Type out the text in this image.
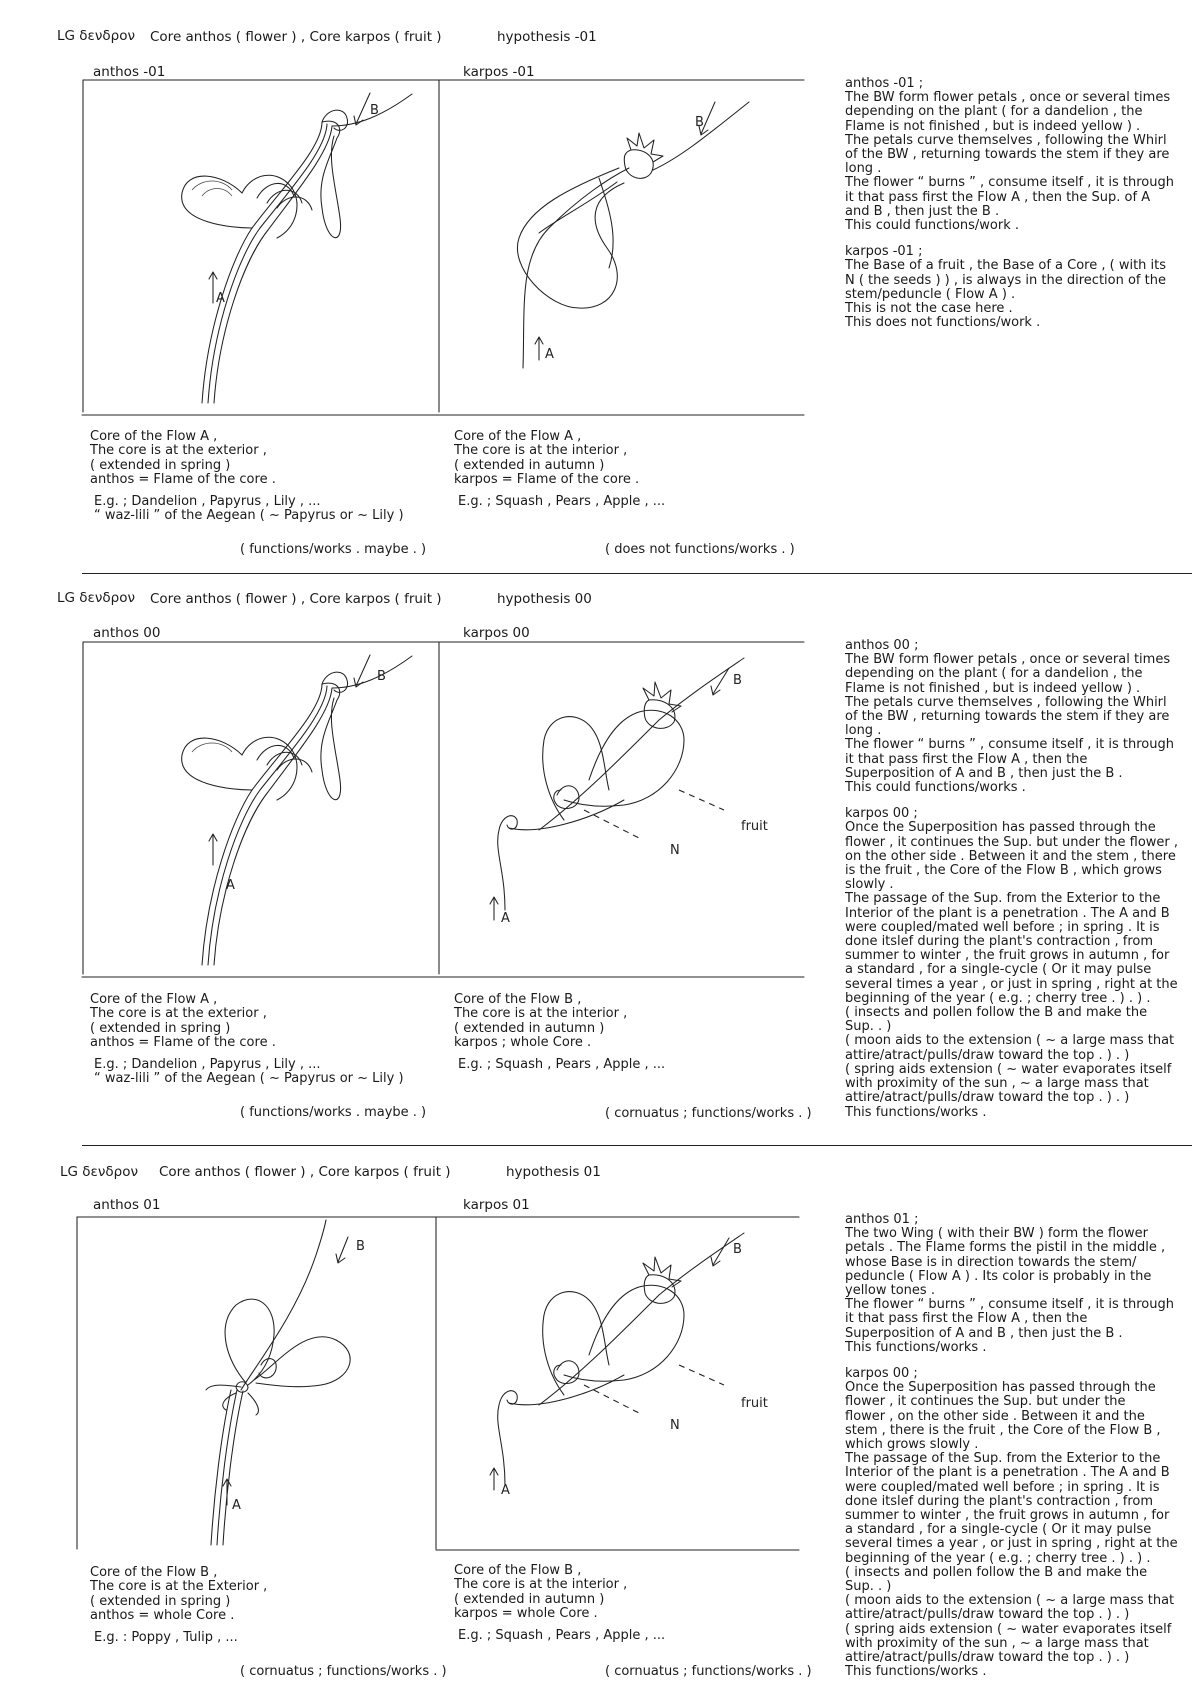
LG δενδρον Core anthos ( flower ) , Core karpos ( fruit )	hypothesis -01
anthos -01	karpos -01
A
B
A
B
Core of the Flow A ,
The core is at the exterior ,
( extended in spring )
anthos = Flame of the core .
E.g. ; Dandelion , Papyrus , Lily , ...
“ waz-lili ” of the Aegean ( ~ Papyrus or ~ Lily )
( functions/works . maybe . )
Core of the Flow A ,
The core is at the interior ,
( extended in autumn )
karpos = Flame of the core .
E.g. ; Squash , Pears , Apple , ...
( does not functions/works . )
anthos -01 ;
The BW form flower petals , once or several times
depending on the plant ( for a dandelion , the
Flame is not finished , but is indeed yellow ) .
The petals curve themselves , following the Whirl
of the BW , returning towards the stem if they are
long .
The flower “ burns ” , consume itself , it is through
it that pass first the Flow A , then the Sup. of A
and B , then just the B .
This could functions/work .
karpos -01 ;
The Base of a fruit , the Base of a Core , ( with its
N ( the seeds ) ) , is always in the direction of the
stem/peduncle ( Flow A ) .
This is not the case here .
This does not functions/work .
LG δενδρον Core anthos ( flower ) , Core karpos ( fruit )	hypothesis 00
anthos 00	karpos 00
A
B
A
B
fruit
N
Core of the Flow A ,
The core is at the exterior ,
( extended in spring )
anthos = Flame of the core .
E.g. ; Dandelion , Papyrus , Lily , ...
“ waz-lili ” of the Aegean ( ~ Papyrus or ~ Lily )
( functions/works . maybe . )
Core of the Flow B ,
The core is at the interior ,
( extended in autumn )
karpos ; whole Core .
E.g. ; Squash , Pears , Apple , ...
( cornuatus ; functions/works . )
anthos 00 ;
The BW form flower petals , once or several times
depending on the plant ( for a dandelion , the
Flame is not finished , but is indeed yellow ) .
The petals curve themselves , following the Whirl
of the BW , returning towards the stem if they are
long .
The flower “ burns ” , consume itself , it is through
it that pass first the Flow A , then the
Superposition of A and B , then just the B .
This could functions/works .
karpos 00 ;
Once the Superposition has passed through the
flower , it continues the Sup. but under the flower ,
on the other side . Between it and the stem , there
is the fruit , the Core of the Flow B , which grows
slowly .
The passage of the Sup. from the Exterior to the
Interior of the plant is a penetration . The A and B
were coupled/mated well before ; in spring . It is
done itslef during the plant's contraction , from
summer to winter , the fruit grows in autumn , for
a standard , for a single-cycle ( Or it may pulse
several times a year , or just in spring , right at the
beginning of the year ( e.g. ; cherry tree . ) . ) .
( insects and pollen follow the B and make the
Sup. . )
( moon aids to the extension ( ~ a large mass that
attire/atract/pulls/draw toward the top . ) . )
( spring aids extension ( ~ water evaporates itself
with proximity of the sun , ~ a large mass that
attire/atract/pulls/draw toward the top . ) . )
This functions/works .
LG δενδρον Core anthos ( flower ) , Core karpos ( fruit )	hypothesis 01
anthos 01	karpos 01
A
B
A
B
fruit
N
Core of the Flow B ,
The core is at the Exterior ,
( extended in spring )
anthos = whole Core .
E.g. : Poppy , Tulip , ...
( cornuatus ; functions/works . )
Core of the Flow B ,
The core is at the interior ,
( extended in autumn )
karpos = whole Core .
E.g. ; Squash , Pears , Apple , ...
( cornuatus ; functions/works . )
anthos 01 ;
The two Wing ( with their BW ) form the flower
petals . The Flame forms the pistil in the middle ,
whose Base is in direction towards the stem/
peduncle ( Flow A ) . Its color is probably in the
yellow tones .
The flower “ burns ” , consume itself , it is through
it that pass first the Flow A , then the
Superposition of A and B , then just the B .
This functions/works .
karpos 00 ;
Once the Superposition has passed through the
flower , it continues the Sup. but under the
flower , on the other side . Between it and the
stem , there is the fruit , the Core of the Flow B ,
which grows slowly .
The passage of the Sup. from the Exterior to the
Interior of the plant is a penetration . The A and B
were coupled/mated well before ; in spring . It is
done itslef during the plant's contraction , from
summer to winter , the fruit grows in autumn , for
a standard , for a single-cycle ( Or it may pulse
several times a year , or just in spring , right at the
beginning of the year ( e.g. ; cherry tree . ) . ) .
( insects and pollen follow the B and make the
Sup. . )
( moon aids to the extension ( ~ a large mass that
attire/atract/pulls/draw toward the top . ) . )
( spring aids extension ( ~ water evaporates itself
with proximity of the sun , ~ a large mass that
attire/atract/pulls/draw toward the top . ) . )
This functions/works .
